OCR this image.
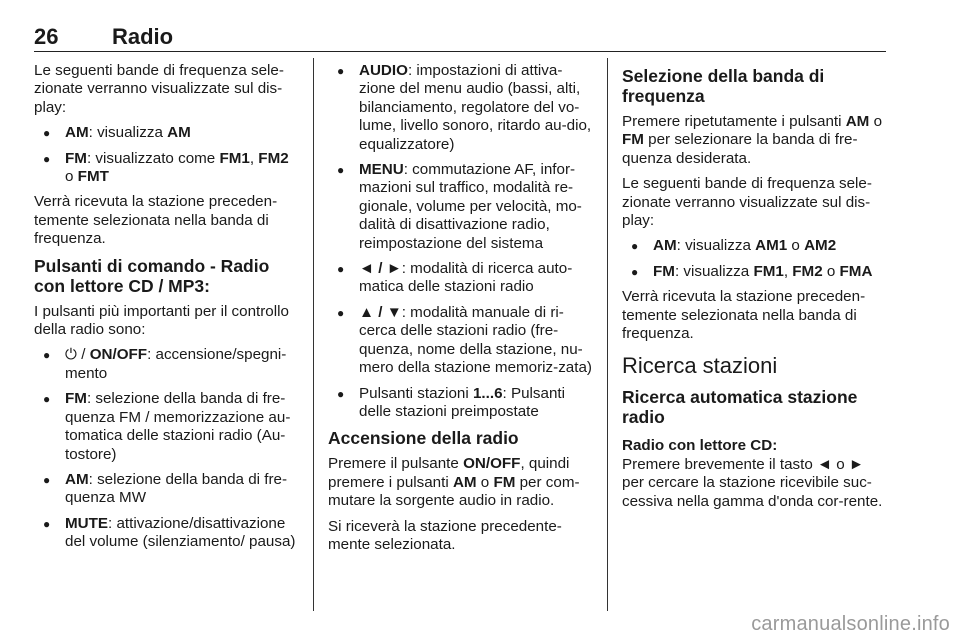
26 Radio

Le seguenti bande di frequenza sele-zionate verranno visualizzate sul dis-play:

● AM: visualizza AM
● FM: visualizzato come FM1, FM2 o FMT

Verrà ricevuta la stazione preceden-temente selezionata nella banda di frequenza.

Pulsanti di comando - Radio con lettore CD / MP3:

I pulsanti più importanti per il controllo della radio sono:

● ⏻ / ON/OFF: accensione/spegni-mento
● FM: selezione della banda di fre-quenza FM / memorizzazione au-tomatica delle stazioni radio (Au-tostore)
● AM: selezione della banda di fre-quenza MW
● MUTE: attivazione/disattivazione del volume (silenziamento/ pausa)
● AUDIO: impostazioni di attiva-zione del menu audio (bassi, alti, bilanciamento, regolatore del vo-lume, livello sonoro, ritardo au-dio, equalizzatore)
● MENU: commutazione AF, infor-mazioni sul traffico, modalità re-gionale, volume per velocità, mo-dalità di disattivazione radio, reimpostazione del sistema
● ◄ / ►: modalità di ricerca auto-matica delle stazioni radio
● ▲ / ▼: modalità manuale di ri-cerca delle stazioni radio (fre-quenza, nome della stazione, nu-mero della stazione memoriz-zata)
● Pulsanti stazioni 1...6: Pulsanti delle stazioni preimpostate
Accensione della radio

Premere il pulsante ON/OFF, quindi premere i pulsanti AM o FM per com-mutare la sorgente audio in radio.

Si riceverà la stazione precedente-mente selezionata.

Selezione della banda di frequenza

Premere ripetutamente i pulsanti AM o FM per selezionare la banda di fre-quenza desiderata.

Le seguenti bande di frequenza sele-zionate verranno visualizzate sul dis-play:

● AM: visualizza AM1 o AM2
● FM: visualizza FM1, FM2 o FMA

Verrà ricevuta la stazione preceden-temente selezionata nella banda di frequenza.

Ricerca stazioni
Ricerca automatica stazione radio
Radio con lettore CD:

Premere brevemente il tasto ◄ o ► per cercare la stazione ricevibile suc-cessiva nella gamma d'onda cor-rente.

carmanualsonline.info
